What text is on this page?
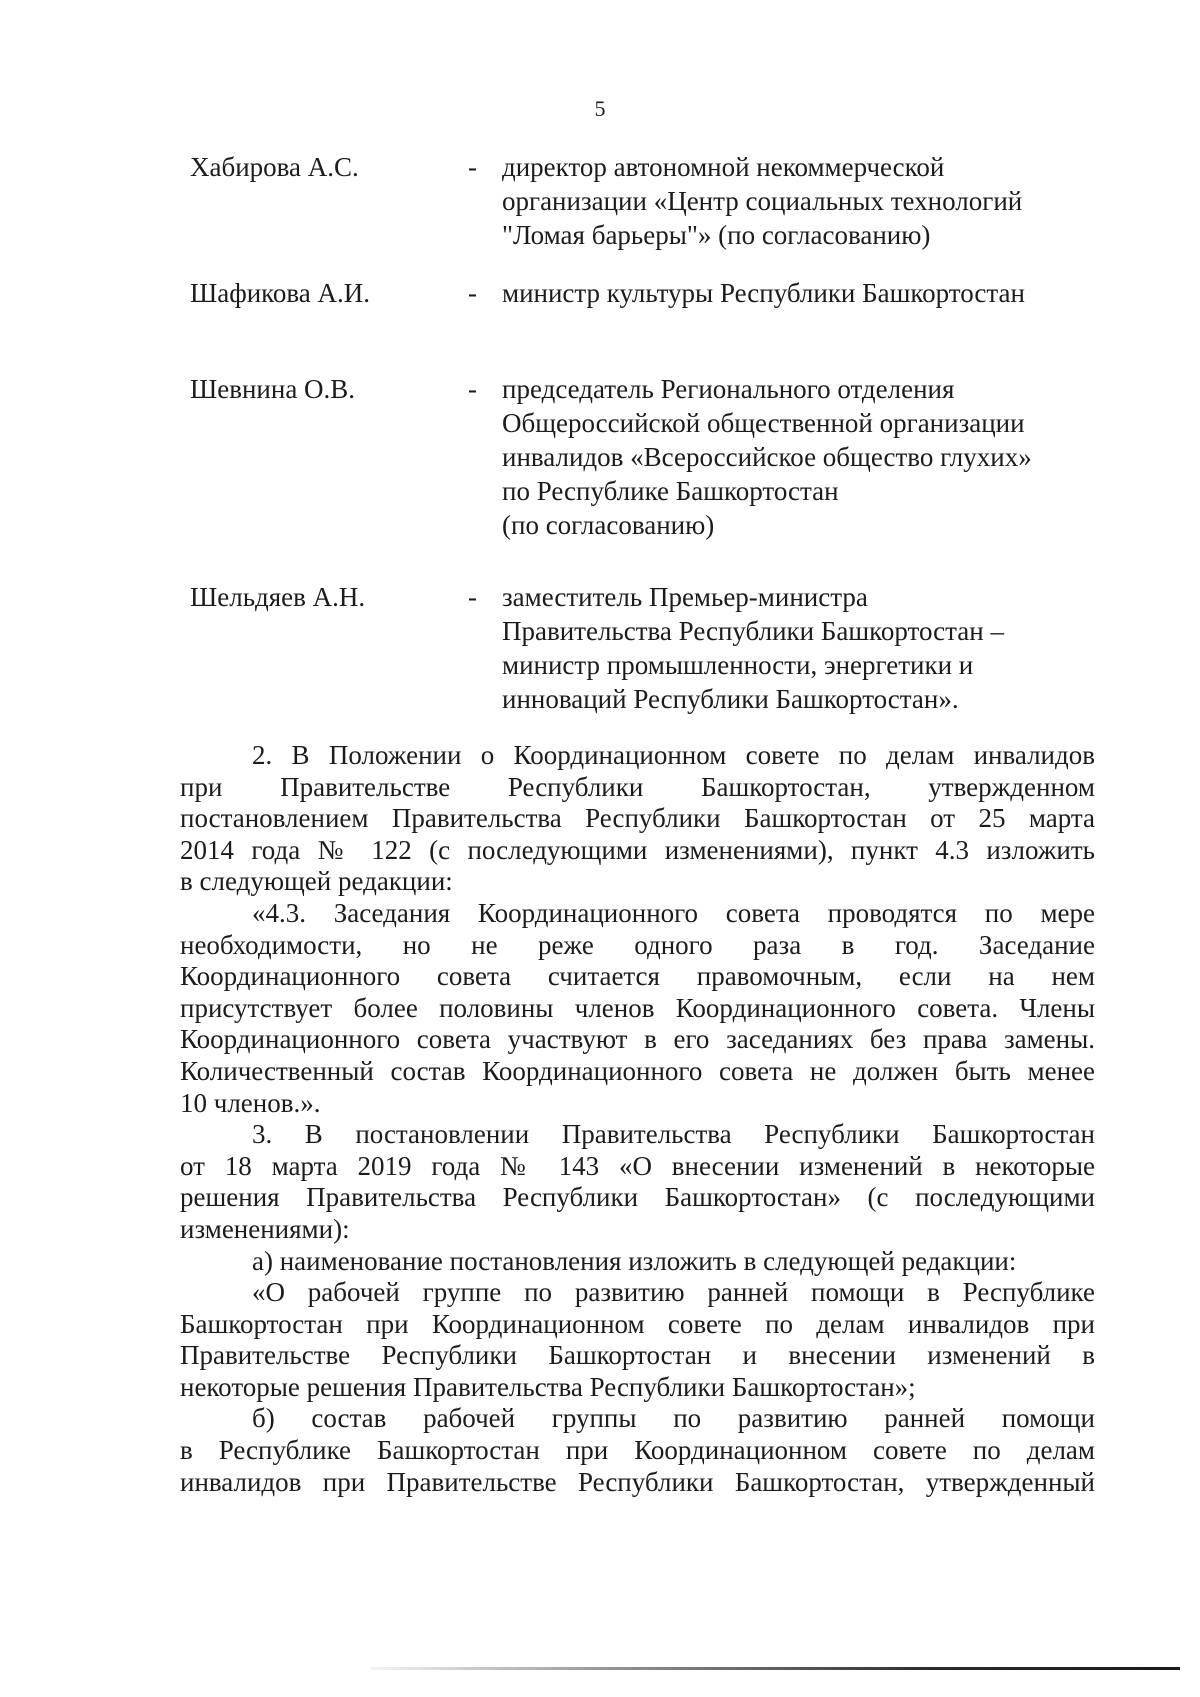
5
Хабирова А.С.	- директор автономной некоммерческой
организации «Центр социальных технологий
"Ломая барьеры"» (по согласованию)
Шафикова А.И.	- министр культуры Республики Башкортостан
Шевнина О.В.	- председатель Регионального отделения
Общероссийской общественной организации
инвалидов «Всероссийское общество глухих»
по Республике Башкортостан
(по согласованию)
Шельдяев А.Н.	- заместитель Премьер-министра
Правительства Республики Башкортостан –
министр промышленности, энергетики и
инноваций Республики Башкортостан».
2. В Положении о Координационном совете по делам инвалидов
при Правительстве Республики Башкортостан, утвержденном
постановлением Правительства Республики Башкортостан от 25 марта
2014 года № 122 (с последующими изменениями), пункт 4.3 изложить
в следующей редакции:
«4.3. Заседания Координационного совета проводятся по мере
необходимости, но не реже одного раза в год. Заседание
Координационного совета считается правомочным, если на нем
присутствует более половины членов Координационного совета. Члены
Координационного совета участвуют в его заседаниях без права замены.
Количественный состав Координационного совета не должен быть менее
10 членов.».
3. В постановлении Правительства Республики Башкортостан
от 18 марта 2019 года № 143 «О внесении изменений в некоторые
решения Правительства Республики Башкортостан» (с последующими
изменениями):
а) наименование постановления изложить в следующей редакции:
«О рабочей группе по развитию ранней помощи в Республике
Башкортостан при Координационном совете по делам инвалидов при
Правительстве Республики Башкортостан и внесении изменений в
некоторые решения Правительства Республики Башкортостан»;
б) состав рабочей группы по развитию ранней помощи
в Республике Башкортостан при Координационном совете по делам
инвалидов при Правительстве Республики Башкортостан, утвержденный
